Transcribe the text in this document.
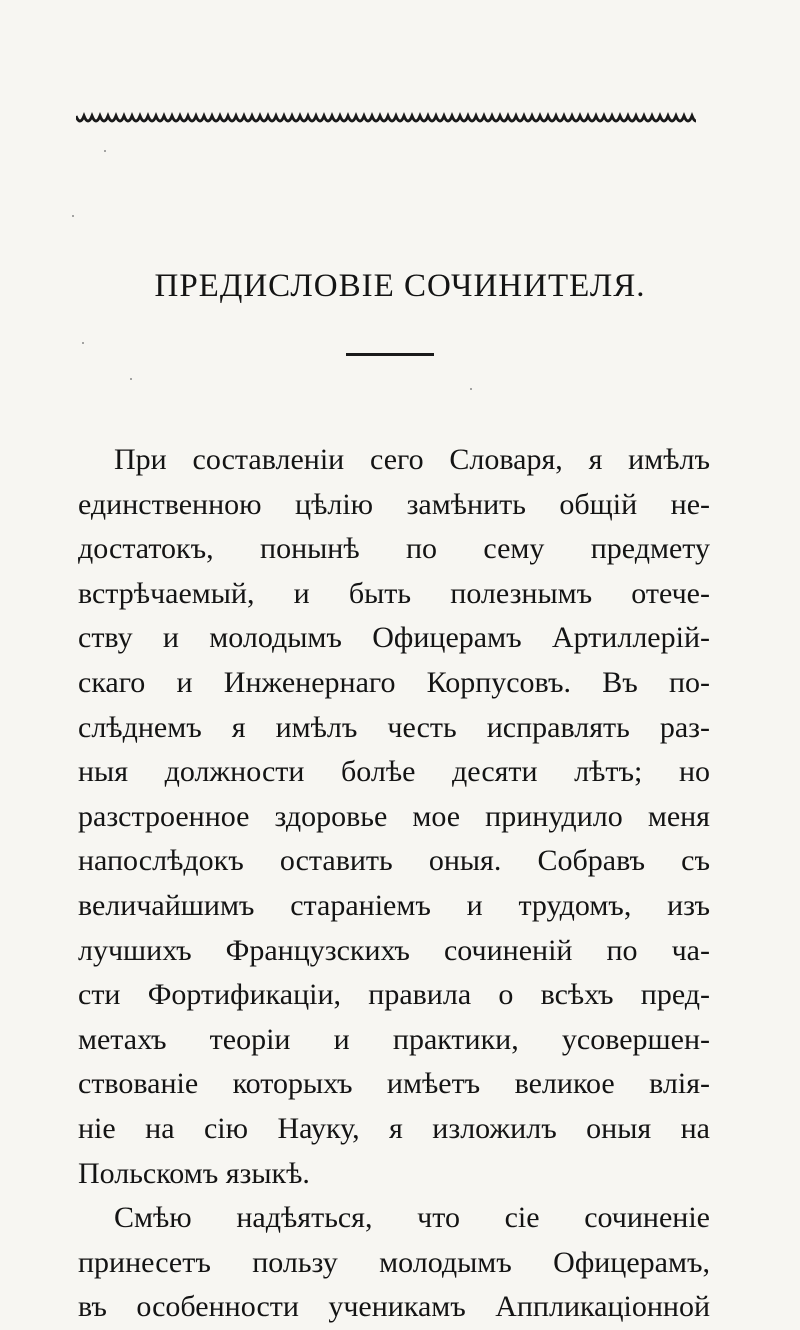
ПРЕДИСЛОВІЕ СОЧИНИТЕЛЯ.
При составленіи сего Словаря, я имѣлъ
единственною цѣлію замѣнить общій не-
достатокъ, понынѣ по сему предмету
встрѣчаемый, и быть полезнымъ отече-
ству и молодымъ Офицерамъ Артиллерій-
скаго и Инженернаго Корпусовъ. Въ по-
слѣднемъ я имѣлъ честь исправлять раз-
ныя должности болѣе десяти лѣтъ; но
разстроенное здоровье мое принудило меня
напослѣдокъ оставить оныя. Собравъ съ
величайшимъ стараніемъ и трудомъ, изъ
лучшихъ Французскихъ сочиненій по ча-
сти Фортификаціи, правила о всѣхъ пред-
метахъ теоріи и практики, усовершен-
ствованіе которыхъ имѣетъ великое влія-
ніе на сію Науку, я изложилъ оныя на
Польскомъ языкѣ.
Смѣю надѣяться, что сіе сочиненіе
принесетъ пользу молодымъ Офицерамъ,
въ особенности ученикамъ Аппликаціонной
